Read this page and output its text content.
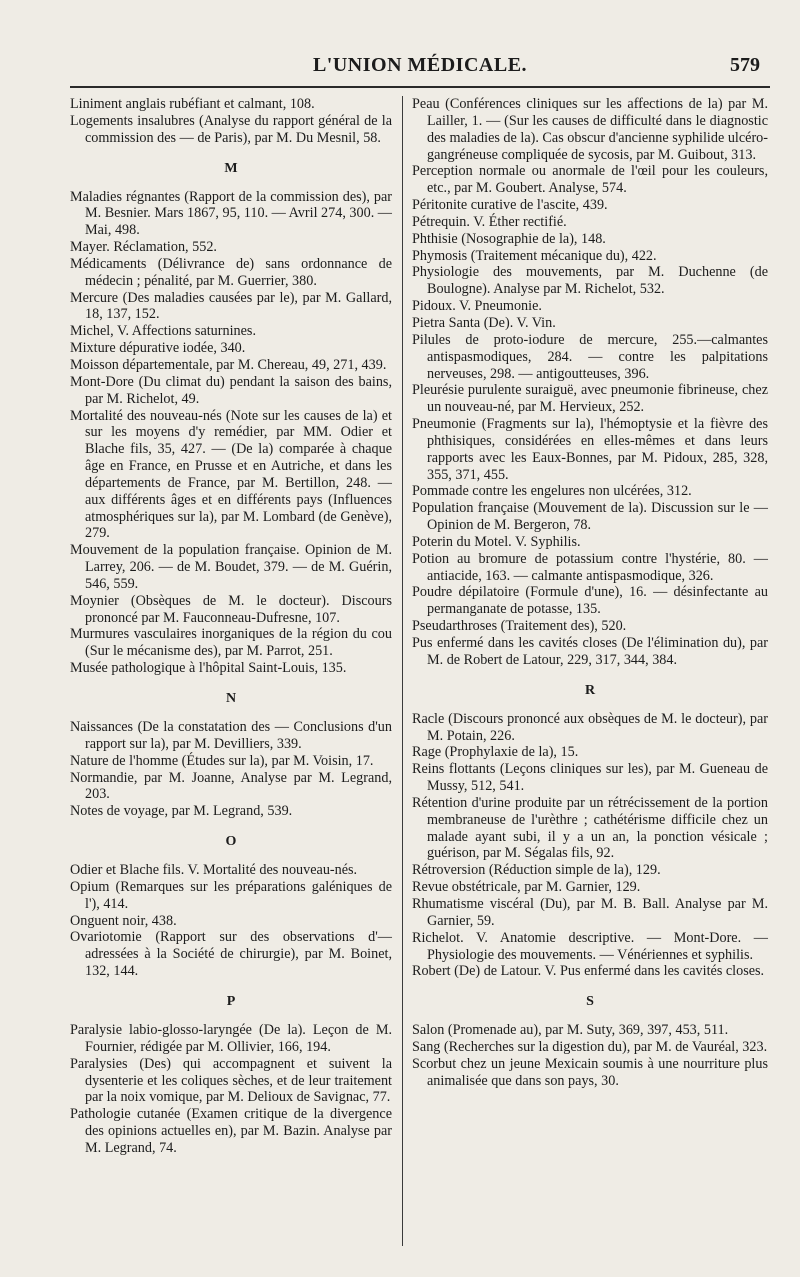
L'UNION MÉDICALE.	579
Liniment anglais rubéfiant et calmant, 108.
Logements insalubres (Analyse du rapport général de la commission des — de Paris), par M. Du Mesnil, 58.
M
Maladies régnantes (Rapport de la commission des), par M. Besnier. Mars 1867, 95, 110. — Avril 274, 300. — Mai, 498.
Mayer. Réclamation, 552.
Médicaments (Délivrance de) sans ordonnance de médecin ; pénalité, par M. Guerrier, 380.
Mercure (Des maladies causées par le), par M. Gallard, 18, 137, 152.
Michel, V. Affections saturnines.
Mixture dépurative iodée, 340.
Moisson départementale, par M. Chereau, 49, 271, 439.
Mont-Dore (Du climat du) pendant la saison des bains, par M. Richelot, 49.
Mortalité des nouveau-nés (Note sur les causes de la) et sur les moyens d'y remédier, par MM. Odier et Blache fils, 35, 427. — (De la) comparée à chaque âge en France, en Prusse et en Autriche, et dans les départements de France, par M. Bertillon, 248. — aux différents âges et en différents pays (Influences atmosphériques sur la), par M. Lombard (de Genève), 279.
Mouvement de la population française. Opinion de M. Larrey, 206. — de M. Boudet, 379. — de M. Guérin, 546, 559.
Moynier (Obsèques de M. le docteur). Discours prononcé par M. Fauconneau-Dufresne, 107.
Murmures vasculaires inorganiques de la région du cou (Sur le mécanisme des), par M. Parrot, 251.
Musée pathologique à l'hôpital Saint-Louis, 135.
N
Naissances (De la constatation des — Conclusions d'un rapport sur la), par M. Devilliers, 339.
Nature de l'homme (Études sur la), par M. Voisin, 17.
Normandie, par M. Joanne, Analyse par M. Legrand, 203.
Notes de voyage, par M. Legrand, 539.
O
Odier et Blache fils. V. Mortalité des nouveau-nés.
Opium (Remarques sur les préparations galéniques de l'), 414.
Onguent noir, 438.
Ovariotomie (Rapport sur des observations d'— adressées à la Société de chirurgie), par M. Boinet, 132, 144.
P
Paralysie labio-glosso-laryngée (De la). Leçon de M. Fournier, rédigée par M. Ollivier, 166, 194.
Paralysies (Des) qui accompagnent et suivent la dysenterie et les coliques sèches, et de leur traitement par la noix vomique, par M. Delioux de Savignac, 77.
Pathologie cutanée (Examen critique de la divergence des opinions actuelles en), par M. Bazin. Analyse par M. Legrand, 74.
Peau (Conférences cliniques sur les affections de la) par M. Lailler, 1. — (Sur les causes de difficulté dans le diagnostic des maladies de la). Cas obscur d'ancienne syphilide ulcéro-gangréneuse compliquée de sycosis, par M. Guibout, 313.
Perception normale ou anormale de l'œil pour les couleurs, etc., par M. Goubert. Analyse, 574.
Péritonite curative de l'ascite, 439.
Pétrequin. V. Éther rectifié.
Phthisie (Nosographie de la), 148.
Phymosis (Traitement mécanique du), 422.
Physiologie des mouvements, par M. Duchenne (de Boulogne). Analyse par M. Richelot, 532.
Pidoux. V. Pneumonie.
Pietra Santa (De). V. Vin.
Pilules de proto-iodure de mercure, 255.—calmantes antispasmodiques, 284. — contre les palpitations nerveuses, 298. — antigoutteuses, 396.
Pleurésie purulente suraiguë, avec pneumonie fibrineuse, chez un nouveau-né, par M. Hervieux, 252.
Pneumonie (Fragments sur la), l'hémoptysie et la fièvre des phthisiques, considérées en elles-mêmes et dans leurs rapports avec les Eaux-Bonnes, par M. Pidoux, 285, 328, 355, 371, 455.
Pommade contre les engelures non ulcérées, 312.
Population française (Mouvement de la). Discussion sur le — Opinion de M. Bergeron, 78.
Poterin du Motel. V. Syphilis.
Potion au bromure de potassium contre l'hystérie, 80. — antiacide, 163. — calmante antispasmodique, 326.
Poudre dépilatoire (Formule d'une), 16. — désinfectante au permanganate de potasse, 135.
Pseudarthroses (Traitement des), 520.
Pus enfermé dans les cavités closes (De l'élimination du), par M. de Robert de Latour, 229, 317, 344, 384.
R
Racle (Discours prononcé aux obsèques de M. le docteur), par M. Potain, 226.
Rage (Prophylaxie de la), 15.
Reins flottants (Leçons cliniques sur les), par M. Gueneau de Mussy, 512, 541.
Rétention d'urine produite par un rétrécissement de la portion membraneuse de l'urèthre ; cathétérisme difficile chez un malade ayant subi, il y a un an, la ponction vésicale ; guérison, par M. Ségalas fils, 92.
Rétroversion (Réduction simple de la), 129.
Revue obstétricale, par M. Garnier, 129.
Rhumatisme viscéral (Du), par M. B. Ball. Analyse par M. Garnier, 59.
Richelot. V. Anatomie descriptive. — Mont-Dore. — Physiologie des mouvements. — Vénériennes et syphilis.
Robert (De) de Latour. V. Pus enfermé dans les cavités closes.
S
Salon (Promenade au), par M. Suty, 369, 397, 453, 511.
Sang (Recherches sur la digestion du), par M. de Vauréal, 323.
Scorbut chez un jeune Mexicain soumis à une nourriture plus animalisée que dans son pays, 30.
